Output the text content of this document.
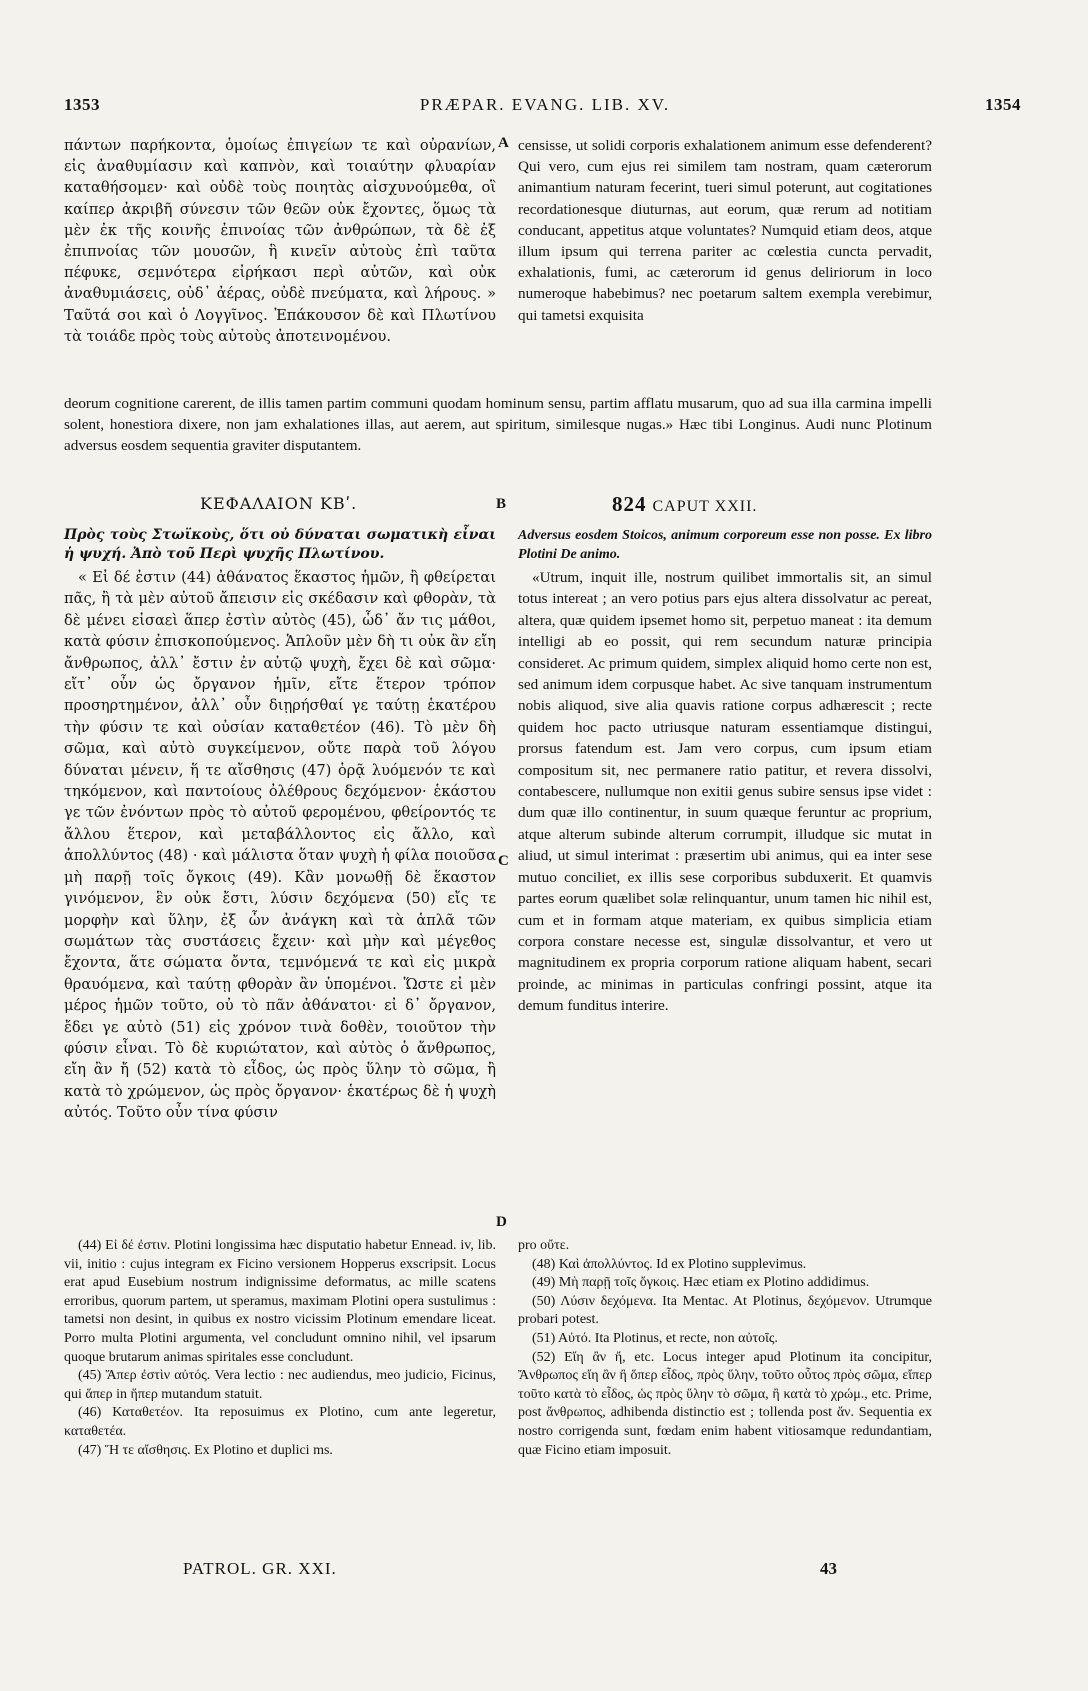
1353	PRÆPAR. EVANG. LIB. XV.	1354

πάντων παρήκοντα, ὁμοίως ἐπιγείων τε καὶ οὐρανίων, εἰς ἀναθυμίασιν καὶ καπνὸν, καὶ τοιαύτην φλυαρίαν καταθήσομεν· καὶ οὐδὲ τοὺς ποιητὰς αἰσχυνούμεθα, οἳ καίπερ ἀκριβῆ σύνεσιν τῶν θεῶν οὐκ ἔχοντες, ὅμως τὰ μὲν ἐκ τῆς κοινῆς ἐπινοίας τῶν ἀνθρώπων, τὰ δὲ ἐξ ἐπιπνοίας τῶν μουσῶν, ἣ κινεῖν αὐτοὺς ἐπὶ ταῦτα πέφυκε, σεμνότερα εἰρήκασι περὶ αὐτῶν, καὶ οὐκ ἀναθυμιάσεις, οὐδ᾽ ἀέρας, οὐδὲ πνεύματα, καὶ λήρους. » Ταῦτά σοι καὶ ὁ Λογγῖνος. Ἐπάκουσον δὲ καὶ Πλωτίνου τὰ τοιάδε πρὸς τοὺς αὐτοὺς ἀποτεινομένου.

A censisse, ut solidi corporis exhalationem animum esse defenderent? Qui vero, cum ejus rei similem tam nostram, quam cæterorum animantium naturam fecerint, tueri simul poterunt, aut cogitationes recordationesque diuturnas, aut eorum, quæ rerum ad notitiam conducant, appetitus atque voluntates? Numquid etiam deos, atque illum ipsum qui terrena pariter ac cœlestia cuncta pervadit, exhalationis, fumi, ac cæterorum id genus deliriorum in loco numeroque habebimus? nec poetarum saltem exempla verebimur, qui tametsi exquisita

deorum cognitione carerent, de illis tamen partim communi quodam hominum sensu, partim afflatu musarum, quo ad sua illa carmina impelli solent, honestiora dixere, non jam exhalationes illas, aut aerem, aut spiritum, similesque nugas.» Hæc tibi Longinus. Audi nunc Plotinum adversus eosdem sequentia graviter disputantem.

ΚΕΦΑΛΑΙΟΝ ΚΒʹ.	B	824 CAPUT XXII.
Πρὸς τοὺς Στωϊκοὺς, ὅτι οὐ δύναται σωματικὴ εἶναι ἡ ψυχή. Ἀπὸ τοῦ Περὶ ψυχῆς Πλωτίνου.
Adversus eosdem Stoicos, animum corporeum esse non posse. Ex libro Plotini De animo.

« Εἰ δέ ἐστιν (44) ἀθάνατος ἕκαστος ἡμῶν, ἢ φθείρεται πᾶς, ἢ τὰ μὲν αὐτοῦ ἄπεισιν εἰς σκέδασιν καὶ φθορὰν, τὰ δὲ μένει εἰσαεὶ ἅπερ ἐστὶν αὐτὸς (45), ὧδ᾽ ἄν τις μάθοι, κατὰ φύσιν ἐπισκοπούμενος. Ἁπλοῦν μὲν δὴ τι οὐκ ἂν εἴη ἄνθρωπος, ἀλλ᾽ ἔστιν ἐν αὐτῷ ψυχὴ, ἔχει δὲ καὶ σῶμα· εἴτ᾽ οὖν ὡς ὄργανον ἡμῖν, εἴτε ἕτερον τρόπον προσηρτημένον, ἀλλ᾽ οὖν διῃρήσθαί γε ταύτῃ ἑκατέρου τὴν φύσιν τε καὶ οὐσίαν καταθετέον (46). Τὸ μὲν δὴ σῶμα, καὶ αὐτὸ συγκείμενον, οὔτε παρὰ τοῦ λόγου δύναται μένειν, ἥ τε αἴσθησις (47) ὁρᾷ λυόμενόν τε καὶ τηκόμενον, καὶ παντοίους ὀλέθρους δεχόμενον· ἑκάστου γε τῶν ἐνόντων πρὸς τὸ αὐτοῦ φερομένου, φθείροντός τε ἄλλου ἕτερον, καὶ μεταβάλλοντος εἰς ἄλλο, καὶ ἀπολλύντος (48) · καὶ μάλιστα ὅταν ψυχὴ ἡ φίλα ποιοῦσα μὴ παρῇ τοῖς ὄγκοις (49). Κἂν μονωθῇ δὲ ἕκαστον γινόμενον, ἓν οὐκ ἔστι, λύσιν δεχόμενα (50) εἴς τε μορφὴν καὶ ὕλην, ἐξ ὧν ἀνάγκη καὶ τὰ ἁπλᾶ τῶν σωμάτων τὰς συστάσεις ἔχειν· καὶ μὴν καὶ μέγεθος ἔχοντα, ἅτε σώματα ὄντα, τεμνόμενά τε καὶ εἰς μικρὰ θραυόμενα, καὶ ταύτῃ φθορὰν ἂν ὑπομένοι. Ὥστε εἰ μὲν μέρος ἡμῶν τοῦτο, οὐ τὸ πᾶν ἀθάνατοι· εἰ δ᾽ ὄργανον, ἔδει γε αὐτὸ (51) εἰς χρόνον τινὰ δοθὲν, τοιοῦτον τὴν φύσιν εἶναι. Τὸ δὲ κυριώτατον, καὶ αὐτὸς ὁ ἄνθρωπος, εἴη ἂν ἤ (52) κατὰ τὸ εἶδος, ὡς πρὸς ὕλην τὸ σῶμα, ἢ κατὰ τὸ χρώμενον, ὡς πρὸς ὄργανον· ἑκατέρως δὲ ἡ ψυχὴ αὐτός. Τοῦτο οὖν τίνα φύσιν

C

«Utrum, inquit ille, nostrum quilibet immortalis sit, an simul totus intereat ; an vero potius pars ejus altera dissolvatur ac pereat, altera, quæ quidem ipsemet homo sit, perpetuo maneat : ita demum intelligi ab eo possit, qui rem secundum naturæ principia consideret. Ac primum quidem, simplex aliquid homo certe non est, sed animum idem corpusque habet. Ac sive tanquam instrumentum nobis aliquod, sive alia quavis ratione corpus adhærescit ; recte quidem hoc pacto utriusque naturam essentiamque distingui, prorsus fatendum est. Jam vero corpus, cum ipsum etiam compositum sit, nec permanere ratio patitur, et revera dissolvi, contabescere, nullumque non exitii genus subire sensus ipse videt : dum quæ illo continentur, in suum quæque feruntur ac proprium, atque alterum subinde alterum corrumpit, illudque sic mutat in aliud, ut simul interimat : præsertim ubi animus, qui ea inter sese mutuo conciliet, ex illis sese corporibus subduxerit. Et quamvis partes eorum quælibet solæ relinquantur, unum tamen hic nihil est, cum et in formam atque materiam, ex quibus simplicia etiam corpora constare necesse est, singulæ dissolvantur, et vero ut magnitudinem ex propria corporum ratione aliquam habent, secari proinde, ac minimas in particulas confringi possint, atque ita demum funditus interire.

D

(44) Εἰ δέ ἐστιν. Plotini longissima hæc disputatio habetur Ennead. iv, lib. vii, initio : cujus integram ex Ficino versionem Hopperus exscripsit. Locus erat apud Eusebium nostrum indignissime deformatus, ac mille scatens erroribus, quorum partem, ut speramus, maximam Plotini opera sustulimus : tametsi non desint, in quibus ex nostro vicissim Plotinum emendare liceat. Porro multa Plotini argumenta, vel concludunt omnino nihil, vel ipsarum quoque brutarum animas spiritales esse concludunt.

(45) Ἅπερ ἐστὶν αὐτός. Vera lectio : nec audiendus, meo judicio, Ficinus, qui ἅπερ in ἥπερ mutandum statuit.

(46) Καταθετέον. Ita reposuimus ex Plotino, cum ante legeretur, καταθετέα.

(47) Ἥ τε αἴσθησις. Ex Plotino et duplici ms.

pro οὔτε.

(48) Καὶ ἀπολλύντος. Id ex Plotino supplevimus.

(49) Μὴ παρῇ τοῖς ὄγκοις. Hæc etiam ex Plotino addidimus.

(50) Λύσιν δεχόμενα. Ita Mentac. At Plotinus, δεχόμενον. Utrumque probari potest.

(51) Αὐτό. Ita Plotinus, et recte, non αὐτοῖς.

(52) Εἴη ἂν ἤ, etc. Locus integer apud Plotinum ita concipitur, Ἄνθρωπος εἴη ἂν ἢ ὅπερ εἶδος, πρὸς ὕλην, τοῦτο οὗτος πρὸς σῶμα, εἴπερ τοῦτο κατὰ τὸ εἶδος, ὡς πρὸς ὕλην τὸ σῶμα, ἢ κατὰ τὸ χρώμ., etc. Prime, post ἄνθρωπος, adhibenda distinctio est ; tollenda post ἄν. Sequentia ex nostro corrigenda sunt, fœdam enim habent vitiosamque redundantiam, quæ Ficino etiam imposuit.

PATROL. GR. XXI.	43
